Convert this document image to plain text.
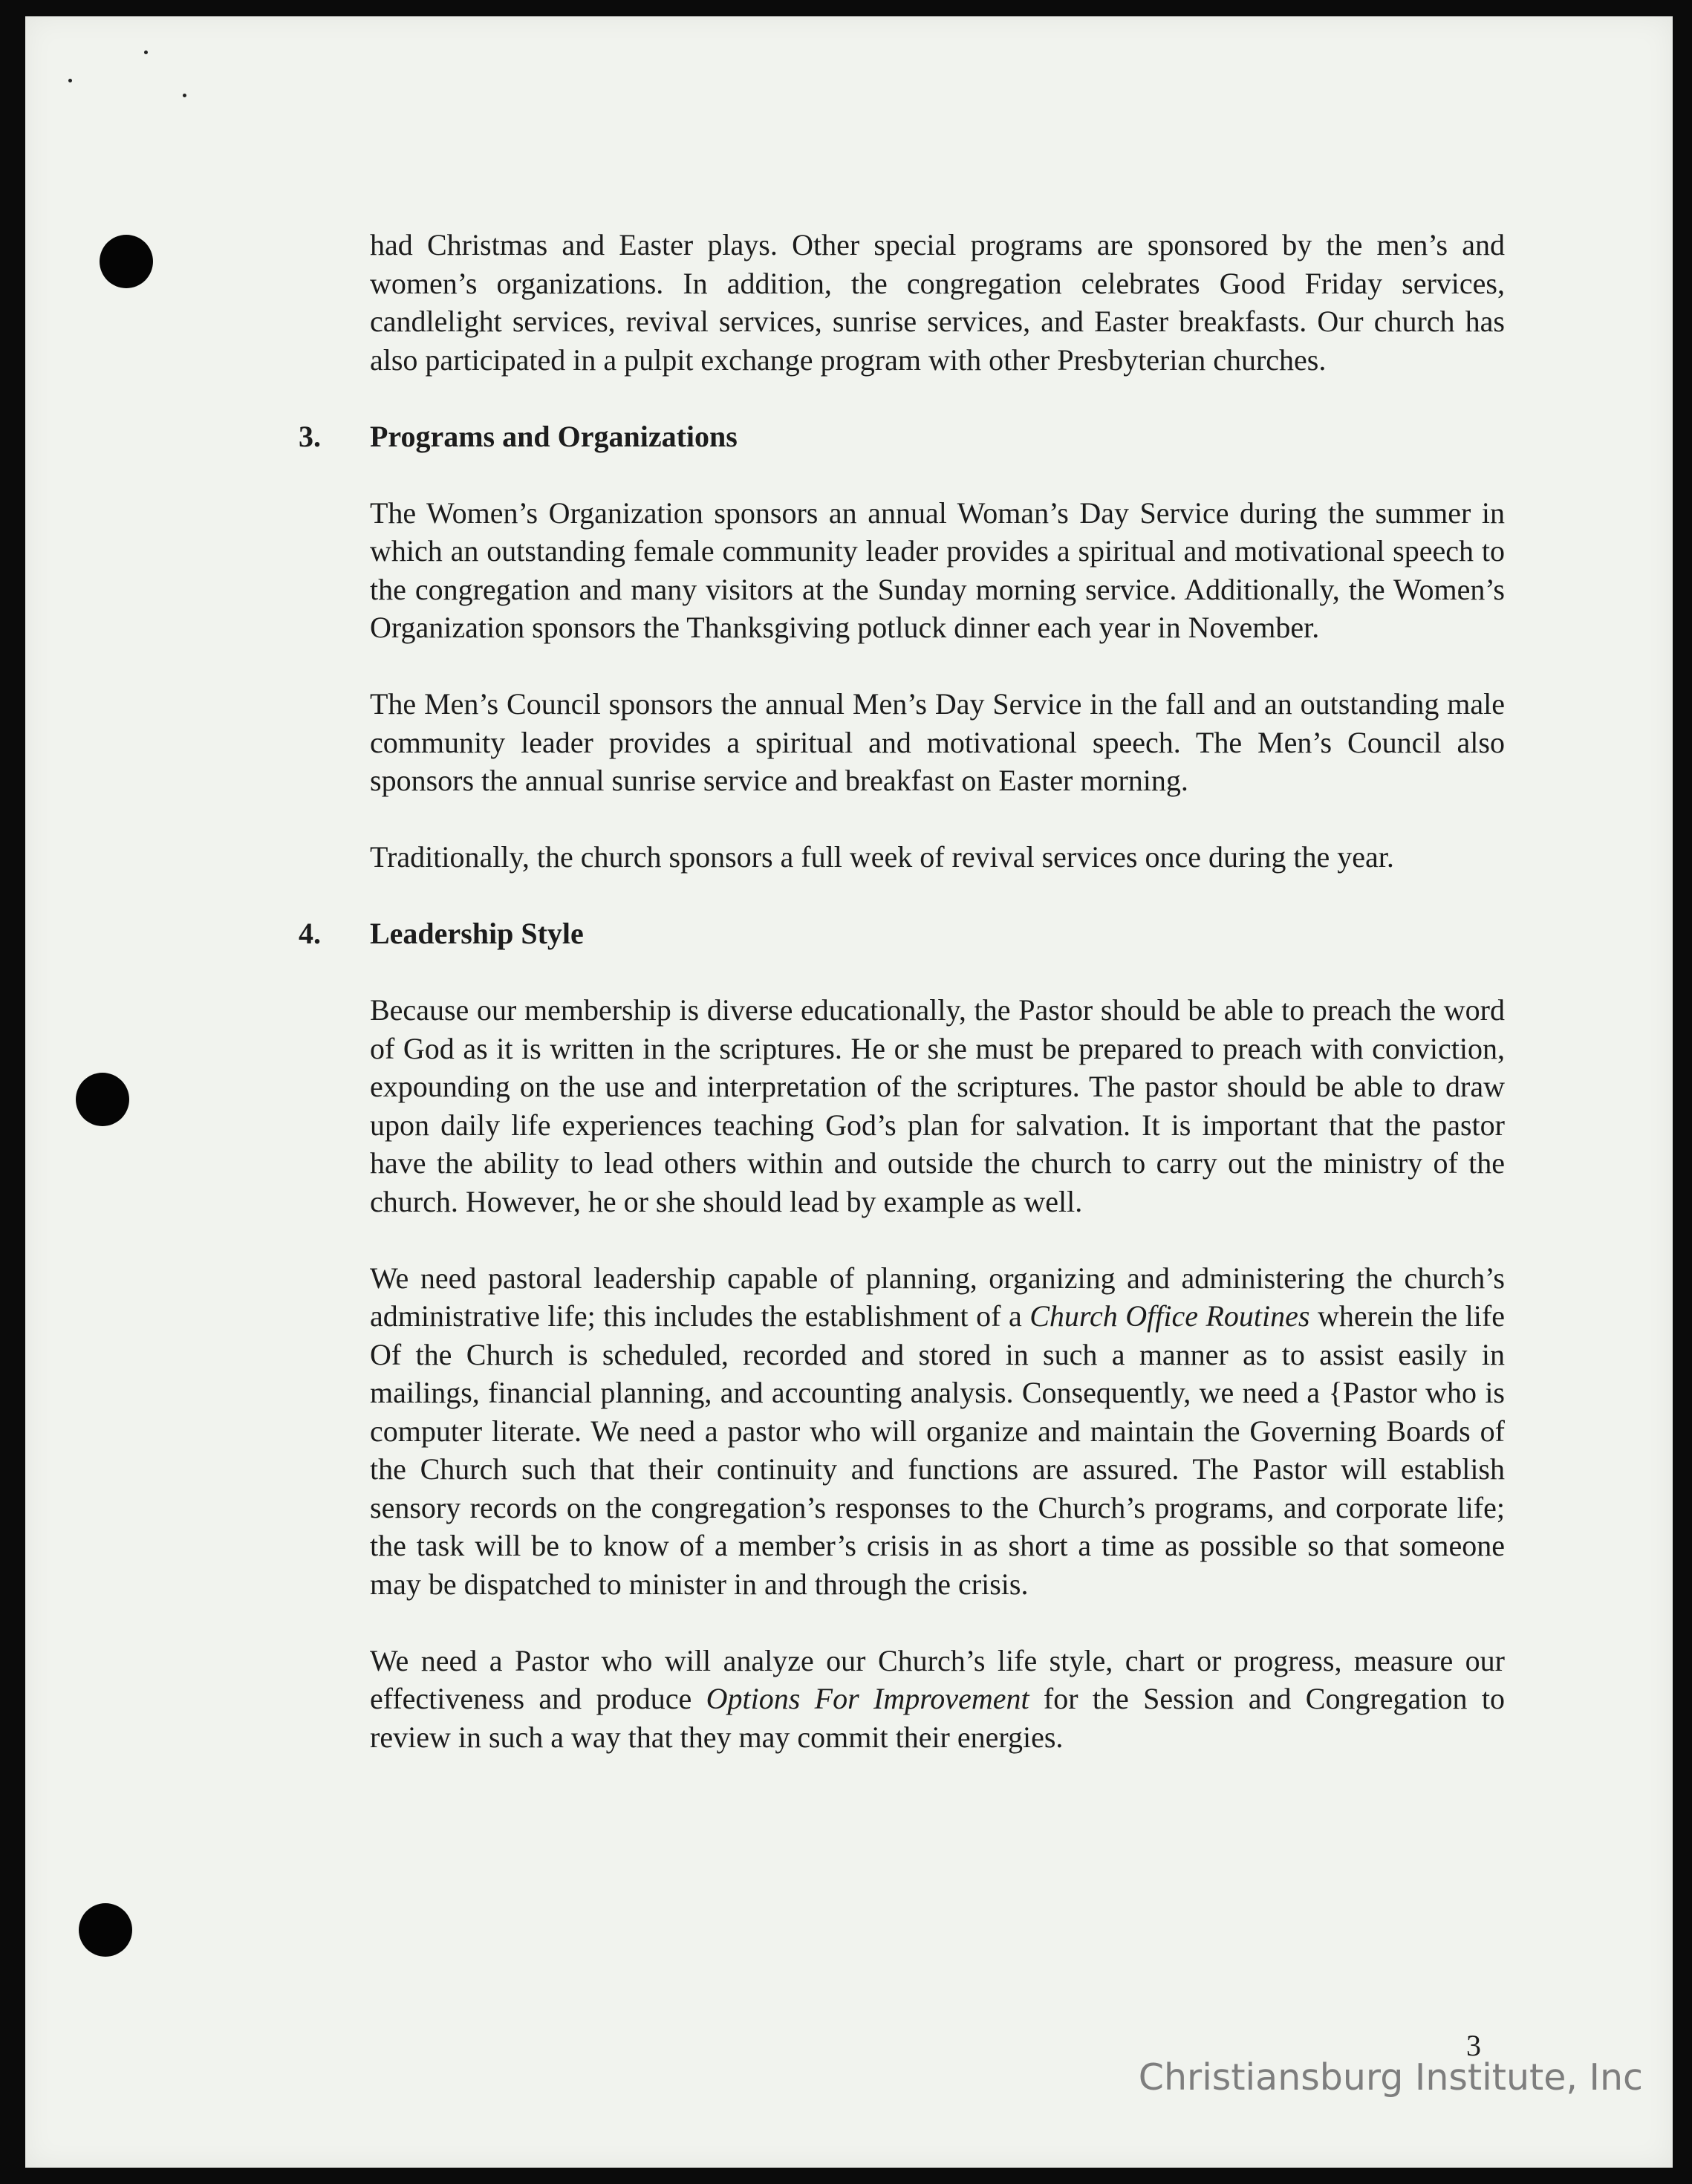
had Christmas and Easter plays. Other special programs are sponsored by the men’s and women’s organizations. In addition, the congregation celebrates Good Friday services, candlelight services, revival services, sunrise services, and Easter breakfasts. Our church has also participated in a pulpit exchange program with other Presbyterian churches.

3. Programs and Organizations

The Women’s Organization sponsors an annual Woman’s Day Service during the summer in which an outstanding female community leader provides a spiritual and motivational speech to the congregation and many visitors at the Sunday morning service. Additionally, the Women’s Organization sponsors the Thanksgiving potluck dinner each year in November.

The Men’s Council sponsors the annual Men’s Day Service in the fall and an outstanding male community leader provides a spiritual and motivational speech. The Men’s Council also sponsors the annual sunrise service and breakfast on Easter morning.

Traditionally, the church sponsors a full week of revival services once during the year.

4. Leadership Style

Because our membership is diverse educationally, the Pastor should be able to preach the word of God as it is written in the scriptures. He or she must be prepared to preach with conviction, expounding on the use and interpretation of the scriptures. The pastor should be able to draw upon daily life experiences teaching God’s plan for salvation. It is important that the pastor have the ability to lead others within and outside the church to carry out the ministry of the church. However, he or she should lead by example as well.

We need pastoral leadership capable of planning, organizing and administering the church’s administrative life; this includes the establishment of a Church Office Routines wherein the life Of the Church is scheduled, recorded and stored in such a manner as to assist easily in mailings, financial planning, and accounting analysis. Consequently, we need a {Pastor who is computer literate. We need a pastor who will organize and maintain the Governing Boards of the Church such that their continuity and functions are assured. The Pastor will establish sensory records on the congregation’s responses to the Church’s programs, and corporate life; the task will be to know of a member’s crisis in as short a time as possible so that someone may be dispatched to minister in and through the crisis.

We need a Pastor who will analyze our Church’s life style, chart or progress, measure our effectiveness and produce Options For Improvement for the Session and Congregation to review in such a way that they may commit their energies.

3
Christiansburg Institute, Inc
